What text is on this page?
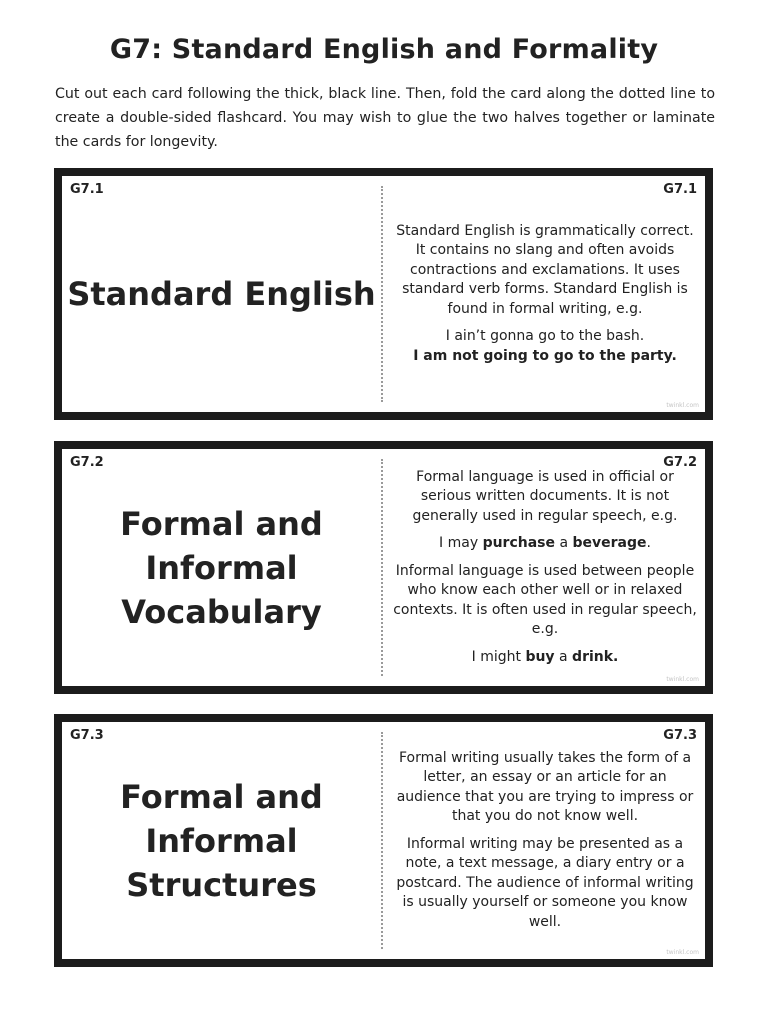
G7: Standard English and Formality
Cut out each card following the thick, black line. Then, fold the card along the dotted line to create a double-sided flashcard. You may wish to glue the two halves together or laminate the cards for longevity.
G7.1	G7.1
Standard English

Standard English is grammatically correct. It contains no slang and often avoids contractions and exclamations. It uses standard verb forms. Standard English is found in formal writing, e.g.

I ain’t gonna go to the bash.

I am not going to go to the party.

twinkl.com
G7.2	G7.2
Formal and Informal Vocabulary

Formal language is used in official or serious written documents. It is not generally used in regular speech, e.g.

I may purchase a beverage.

Informal language is used between people who know each other well or in relaxed contexts. It is often used in regular speech, e.g.

I might buy a drink.

twinkl.com
G7.3	G7.3
Formal and Informal Structures

Formal writing usually takes the form of a letter, an essay or an article for an audience that you are trying to impress or that you do not know well.

Informal writing may be presented as a note, a text message, a diary entry or a postcard. The audience of informal writing is usually yourself or someone you know well.

twinkl.com
